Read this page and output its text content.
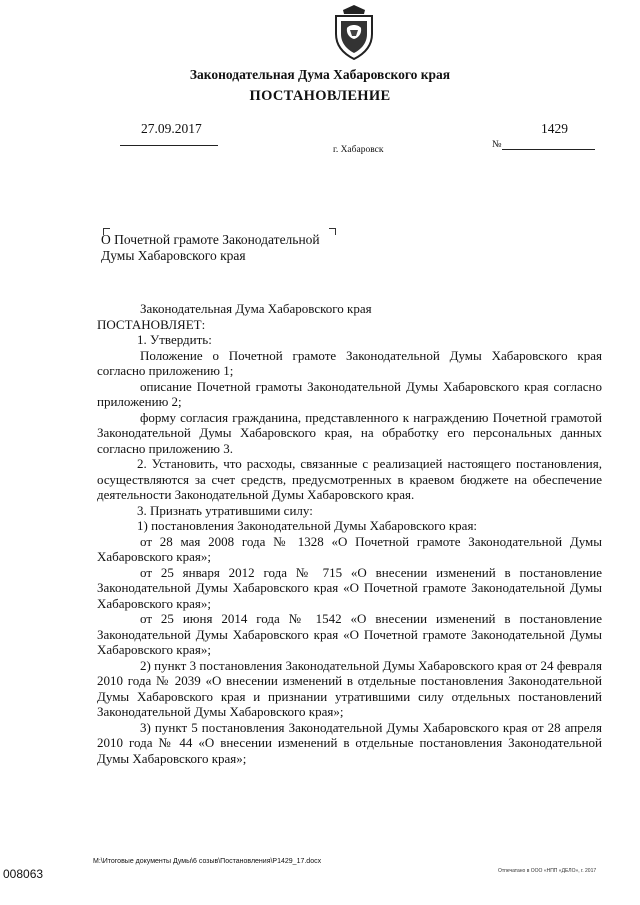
Законодательная Дума Хабаровского края
ПОСТАНОВЛЕНИЕ
27.09.2017
г. Хабаровск	№
1429
О Почетной грамоте Законодательной
Думы Хабаровского края

Законодательная Дума Хабаровского края

ПОСТАНОВЛЯЕТ:

1. Утвердить:

Положение о Почетной грамоте Законодательной Думы Хабаровского края согласно приложению 1;

описание Почетной грамоты Законодательной Думы Хабаровского края согласно приложению 2;

форму согласия гражданина, представленного к награждению Почетной грамотой Законодательной Думы Хабаровского края, на обработку его персональных данных согласно приложению 3.

2. Установить, что расходы, связанные с реализацией настоящего постановления, осуществляются за счет средств, предусмотренных в краевом бюджете на обеспечение деятельности Законодательной Думы Хабаровского края.

3. Признать утратившими силу:

1) постановления Законодательной Думы Хабаровского края:

от 28 мая 2008 года № 1328 «О Почетной грамоте Законодательной Думы Хабаровского края»;

от 25 января 2012 года № 715 «О внесении изменений в постановление Законодательной Думы Хабаровского края «О Почетной грамоте Законодательной Думы Хабаровского края»;

от 25 июня 2014 года № 1542 «О внесении изменений в постановление Законодательной Думы Хабаровского края «О Почетной грамоте Законодательной Думы Хабаровского края»;

2) пункт 3 постановления Законодательной Думы Хабаровского края от 24 февраля 2010 года № 2039 «О внесении изменений в отдельные постановления Законодательной Думы Хабаровского края и признании утратившими силу отдельных постановлений Законодательной Думы Хабаровского края»;

3) пункт 5 постановления Законодательной Думы Хабаровского края от 28 апреля 2010 года № 44 «О внесении изменений в отдельные постановления Законодательной Думы Хабаровского края»;

008063
M:\Итоговые документы Думы\6 созыв\Постановления\P1429_17.docx
Отпечатано в ООО «НПП «ДЕЛО», г. 2017
